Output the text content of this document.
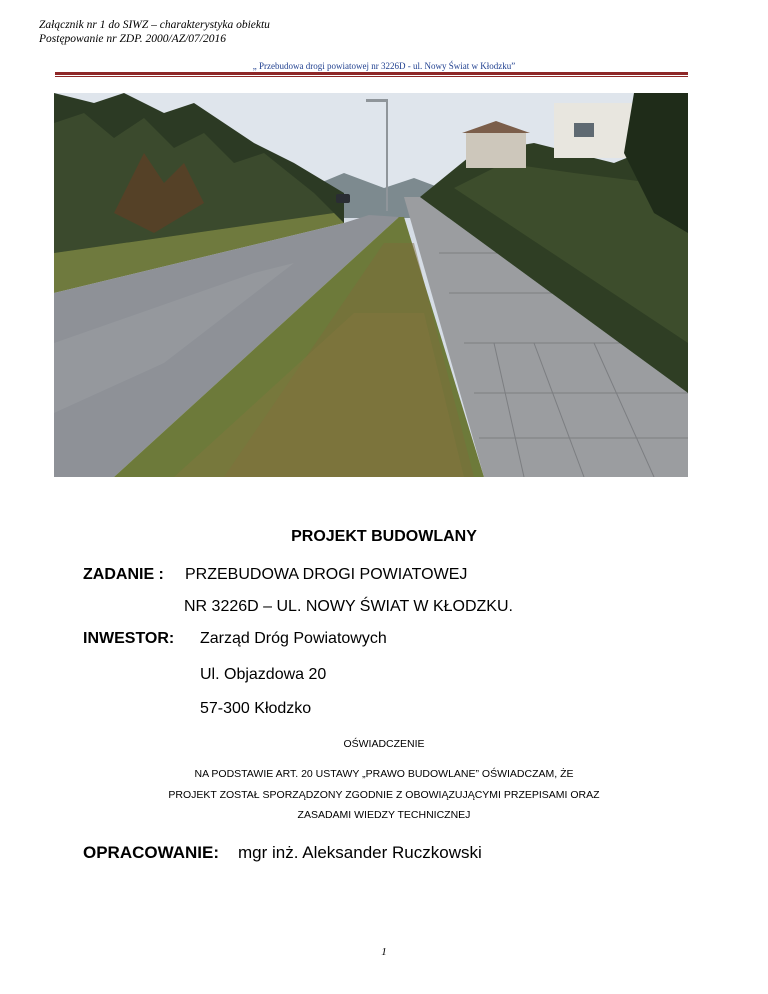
Załącznik nr 1 do SIWZ – charakterystyka obiektu
Postępowanie nr ZDP. 2000/AZ/07/2016
„ Przebudowa drogi powiatowej nr 3226D - ul. Nowy Świat w Kłodzku”
PROJEKT BUDOWLANY
ZADANIE : PRZEBUDOWA DROGI POWIATOWEJ
NR 3226D – UL. NOWY ŚWIAT W KŁODZKU.
INWESTOR: Zarząd Dróg Powiatowych
Ul. Objazdowa 20
57-300 Kłodzko
OŚWIADCZENIE
NA PODSTAWIE ART. 20 USTAWY „PRAWO BUDOWLANE” OŚWIADCZAM, ŻE
PROJEKT ZOSTAŁ SPORZĄDZONY ZGODNIE Z OBOWIĄZUJĄCYMI PRZEPISAMI ORAZ
ZASADAMI WIEDZY TECHNICZNEJ
OPRACOWANIE: mgr inż. Aleksander Ruczkowski
1
